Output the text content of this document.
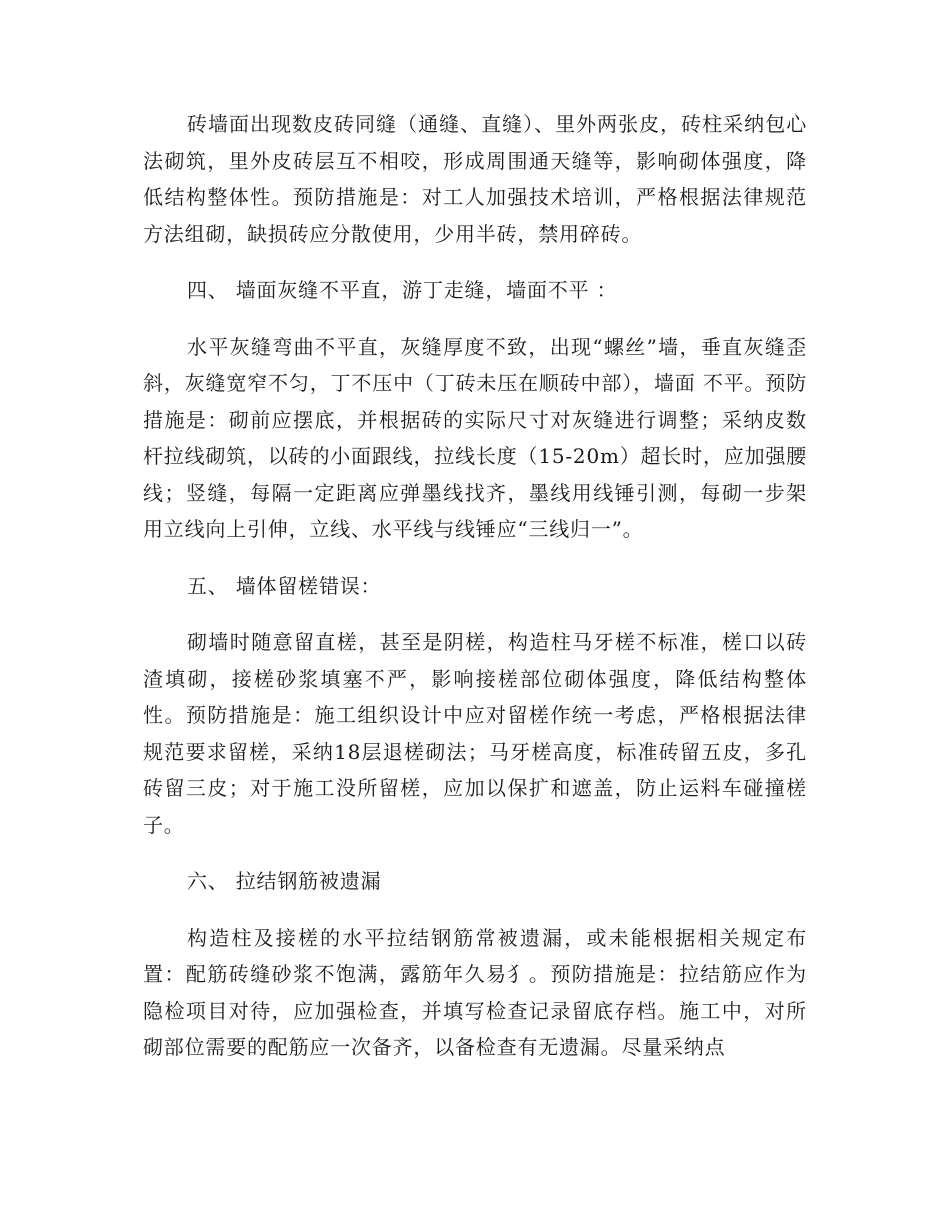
砖墙面出现数皮砖同缝（通缝、直缝）、里外两张皮，砖柱采纳包心法砌筑，里外皮砖层互不相咬，形成周围通天缝等，影响砌体强度，降低结构整体性。预防措施是：对工人加强技术培训，严格根据法律规范方法组砌，缺损砖应分散使用，少用半砖，禁用碎砖。

四、 墙面灰缝不平直，游丁走缝，墙面不平 ：

水平灰缝弯曲不平直，灰缝厚度不致，出现“螺丝”墙，垂直灰缝歪斜，灰缝宽窄不匀，丁不压中（丁砖未压在顺砖中部），墙面 不平。预防措施是：砌前应摆底，并根据砖的实际尺寸对灰缝进行调整；采纳皮数杆拉线砌筑，以砖的小面跟线，拉线长度（15-20m）超长时，应加强腰线；竖缝，每隔一定距离应弹墨线找齐，墨线用线锤引测，每砌一步架用立线向上引伸，立线、水平线与线锤应“三线归一”。

五、 墙体留槎错误：

砌墙时随意留直槎，甚至是阴槎，构造柱马牙槎不标准，槎口以砖渣填砌，接槎砂浆填塞不严，影响接槎部位砌体强度，降低结构整体性。预防措施是：施工组织设计中应对留槎作统一考虑，严格根据法律规范要求留槎，采纳18层退槎砌法；马牙槎高度，标准砖留五皮，多孔砖留三皮；对于施工没所留槎，应加以保扩和遮盖，防止运料车碰撞槎子。

六、 拉结钢筋被遗漏

构造柱及接槎的水平拉结钢筋常被遗漏，或未能根据相关规定布置：配筋砖缝砂浆不饱满，露筋年久易犭。预防措施是：拉结筋应作为隐检项目对待，应加强检查，并填写检查记录留底存档。施工中，对所砌部位需要的配筋应一次备齐，以备检查有无遗漏。尽量采纳点
